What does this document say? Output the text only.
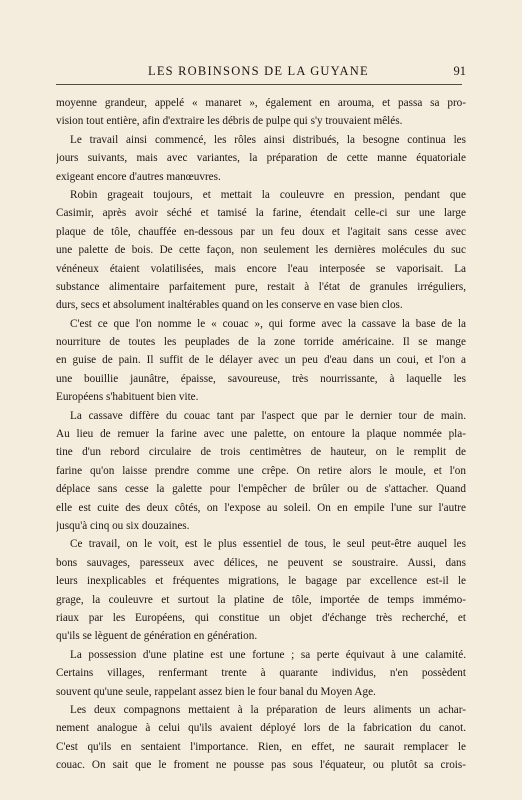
LES ROBINSONS DE LA GUYANE	91
moyenne grandeur, appelé « manaret », également en arouma, et passa sa pro-
vision tout entière, afin d'extraire les débris de pulpe qui s'y trouvaient mêlés.
Le travail ainsi commencé, les rôles ainsi distribués, la besogne continua les
jours suivants, mais avec variantes, la préparation de cette manne équatoriale
exigeant encore d'autres manœuvres.
Robin grageait toujours, et mettait la couleuvre en pression, pendant que
Casimir, après avoir séché et tamisé la farine, étendait celle-ci sur une large
plaque de tôle, chauffée en-dessous par un feu doux et l'agitait sans cesse avec
une palette de bois. De cette façon, non seulement les dernières molécules du suc
vénéneux étaient volatilisées, mais encore l'eau interposée se vaporisait. La
substance alimentaire parfaitement pure, restait à l'état de granules irréguliers,
durs, secs et absolument inaltérables quand on les conserve en vase bien clos.
C'est ce que l'on nomme le « couac », qui forme avec la cassave la base de la
nourriture de toutes les peuplades de la zone torride américaine. Il se mange
en guise de pain. Il suffit de le délayer avec un peu d'eau dans un coui, et l'on a
une bouillie jaunâtre, épaisse, savoureuse, très nourrissante, à laquelle les
Européens s'habituent bien vite.
La cassave diffère du couac tant par l'aspect que par le dernier tour de main.
Au lieu de remuer la farine avec une palette, on entoure la plaque nommée pla-
tine d'un rebord circulaire de trois centimètres de hauteur, on le remplit de
farine qu'on laisse prendre comme une crêpe. On retire alors le moule, et l'on
déplace sans cesse la galette pour l'empêcher de brûler ou de s'attacher. Quand
elle est cuite des deux côtés, on l'expose au soleil. On en empile l'une sur l'autre
jusqu'à cinq ou six douzaines.
Ce travail, on le voit, est le plus essentiel de tous, le seul peut-être auquel les
bons sauvages, paresseux avec délices, ne peuvent se soustraire. Aussi, dans
leurs inexplicables et fréquentes migrations, le bagage par excellence est-il le
grage, la couleuvre et surtout la platine de tôle, importée de temps immémo-
riaux par les Européens, qui constitue un objet d'échange très recherché, et
qu'ils se lèguent de génération en génération.
La possession d'une platine est une fortune ; sa perte équivaut à une calamité.
Certains villages, renfermant trente à quarante individus, n'en possèdent
souvent qu'une seule, rappelant assez bien le four banal du Moyen Age.
Les deux compagnons mettaient à la préparation de leurs aliments un achar-
nement analogue à celui qu'ils avaient déployé lors de la fabrication du canot.
C'est qu'ils en sentaient l'importance. Rien, en effet, ne saurait remplacer le
couac. On sait que le froment ne pousse pas sous l'équateur, ou plutôt sa crois-
